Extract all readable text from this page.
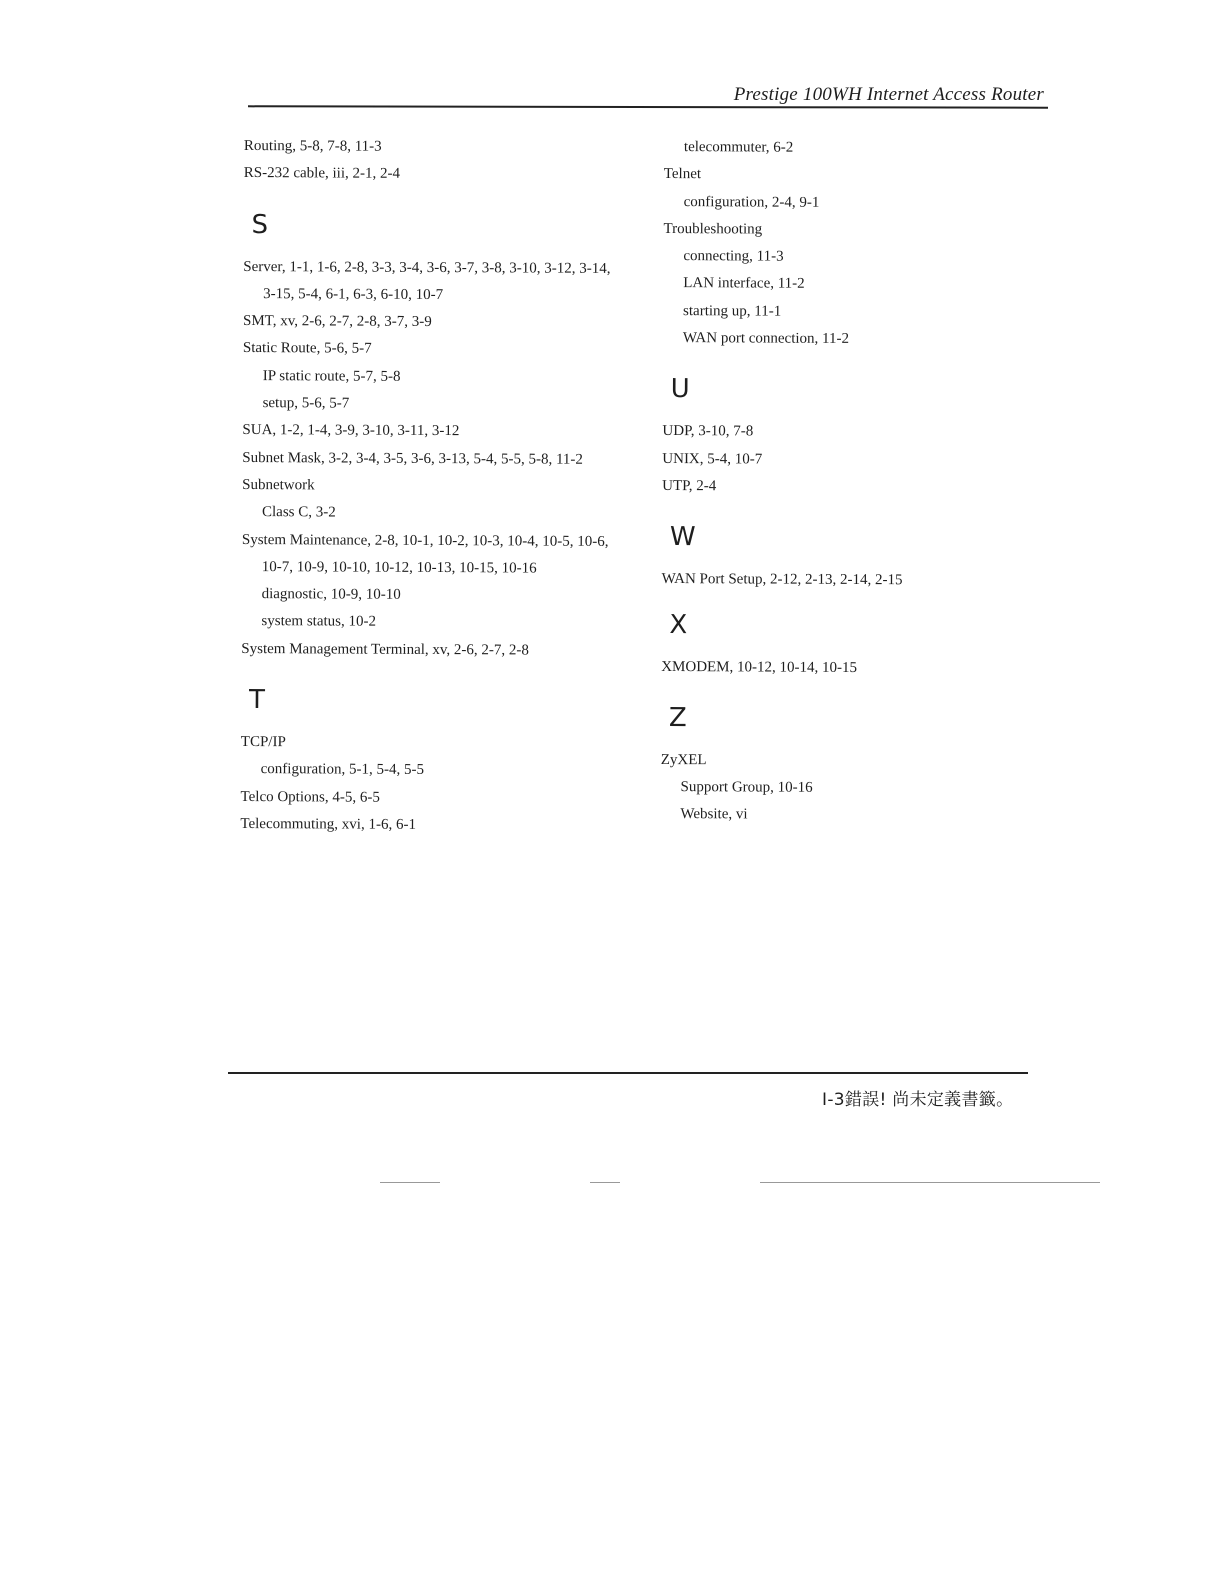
Prestige 100WH Internet Access Router

Routing, 5-8, 7-8, 11-3

RS-232 cable, iii, 2-1, 2-4

S

Server, 1-1, 1-6, 2-8, 3-3, 3-4, 3-6, 3-7, 3-8, 3-10, 3-12, 3-14, 3-15, 5-4, 6-1, 6-3, 6-10, 10-7

SMT, xv, 2-6, 2-7, 2-8, 3-7, 3-9

Static Route, 5-6, 5-7

IP static route, 5-7, 5-8

setup, 5-6, 5-7

SUA, 1-2, 1-4, 3-9, 3-10, 3-11, 3-12

Subnet Mask, 3-2, 3-4, 3-5, 3-6, 3-13, 5-4, 5-5, 5-8, 11-2

Subnetwork

Class C, 3-2

System Maintenance, 2-8, 10-1, 10-2, 10-3, 10-4, 10-5, 10-6, 10-7, 10-9, 10-10, 10-12, 10-13, 10-15, 10-16

diagnostic, 10-9, 10-10

system status, 10-2

System Management Terminal, xv, 2-6, 2-7, 2-8

T

TCP/IP

configuration, 5-1, 5-4, 5-5

Telco Options, 4-5, 6-5

Telecommuting, xvi, 1-6, 6-1

telecommuter, 6-2

Telnet

configuration, 2-4, 9-1

Troubleshooting

connecting, 11-3

LAN interface, 11-2

starting up, 11-1

WAN port connection, 11-2

U

UDP, 3-10, 7-8

UNIX, 5-4, 10-7

UTP, 2-4

W

WAN Port Setup, 2-12, 2-13, 2-14, 2-15

X

XMODEM, 10-12, 10-14, 10-15

Z

ZyXEL

Support Group, 10-16

Website, vi

I-3錯誤! 尚未定義書籤。
